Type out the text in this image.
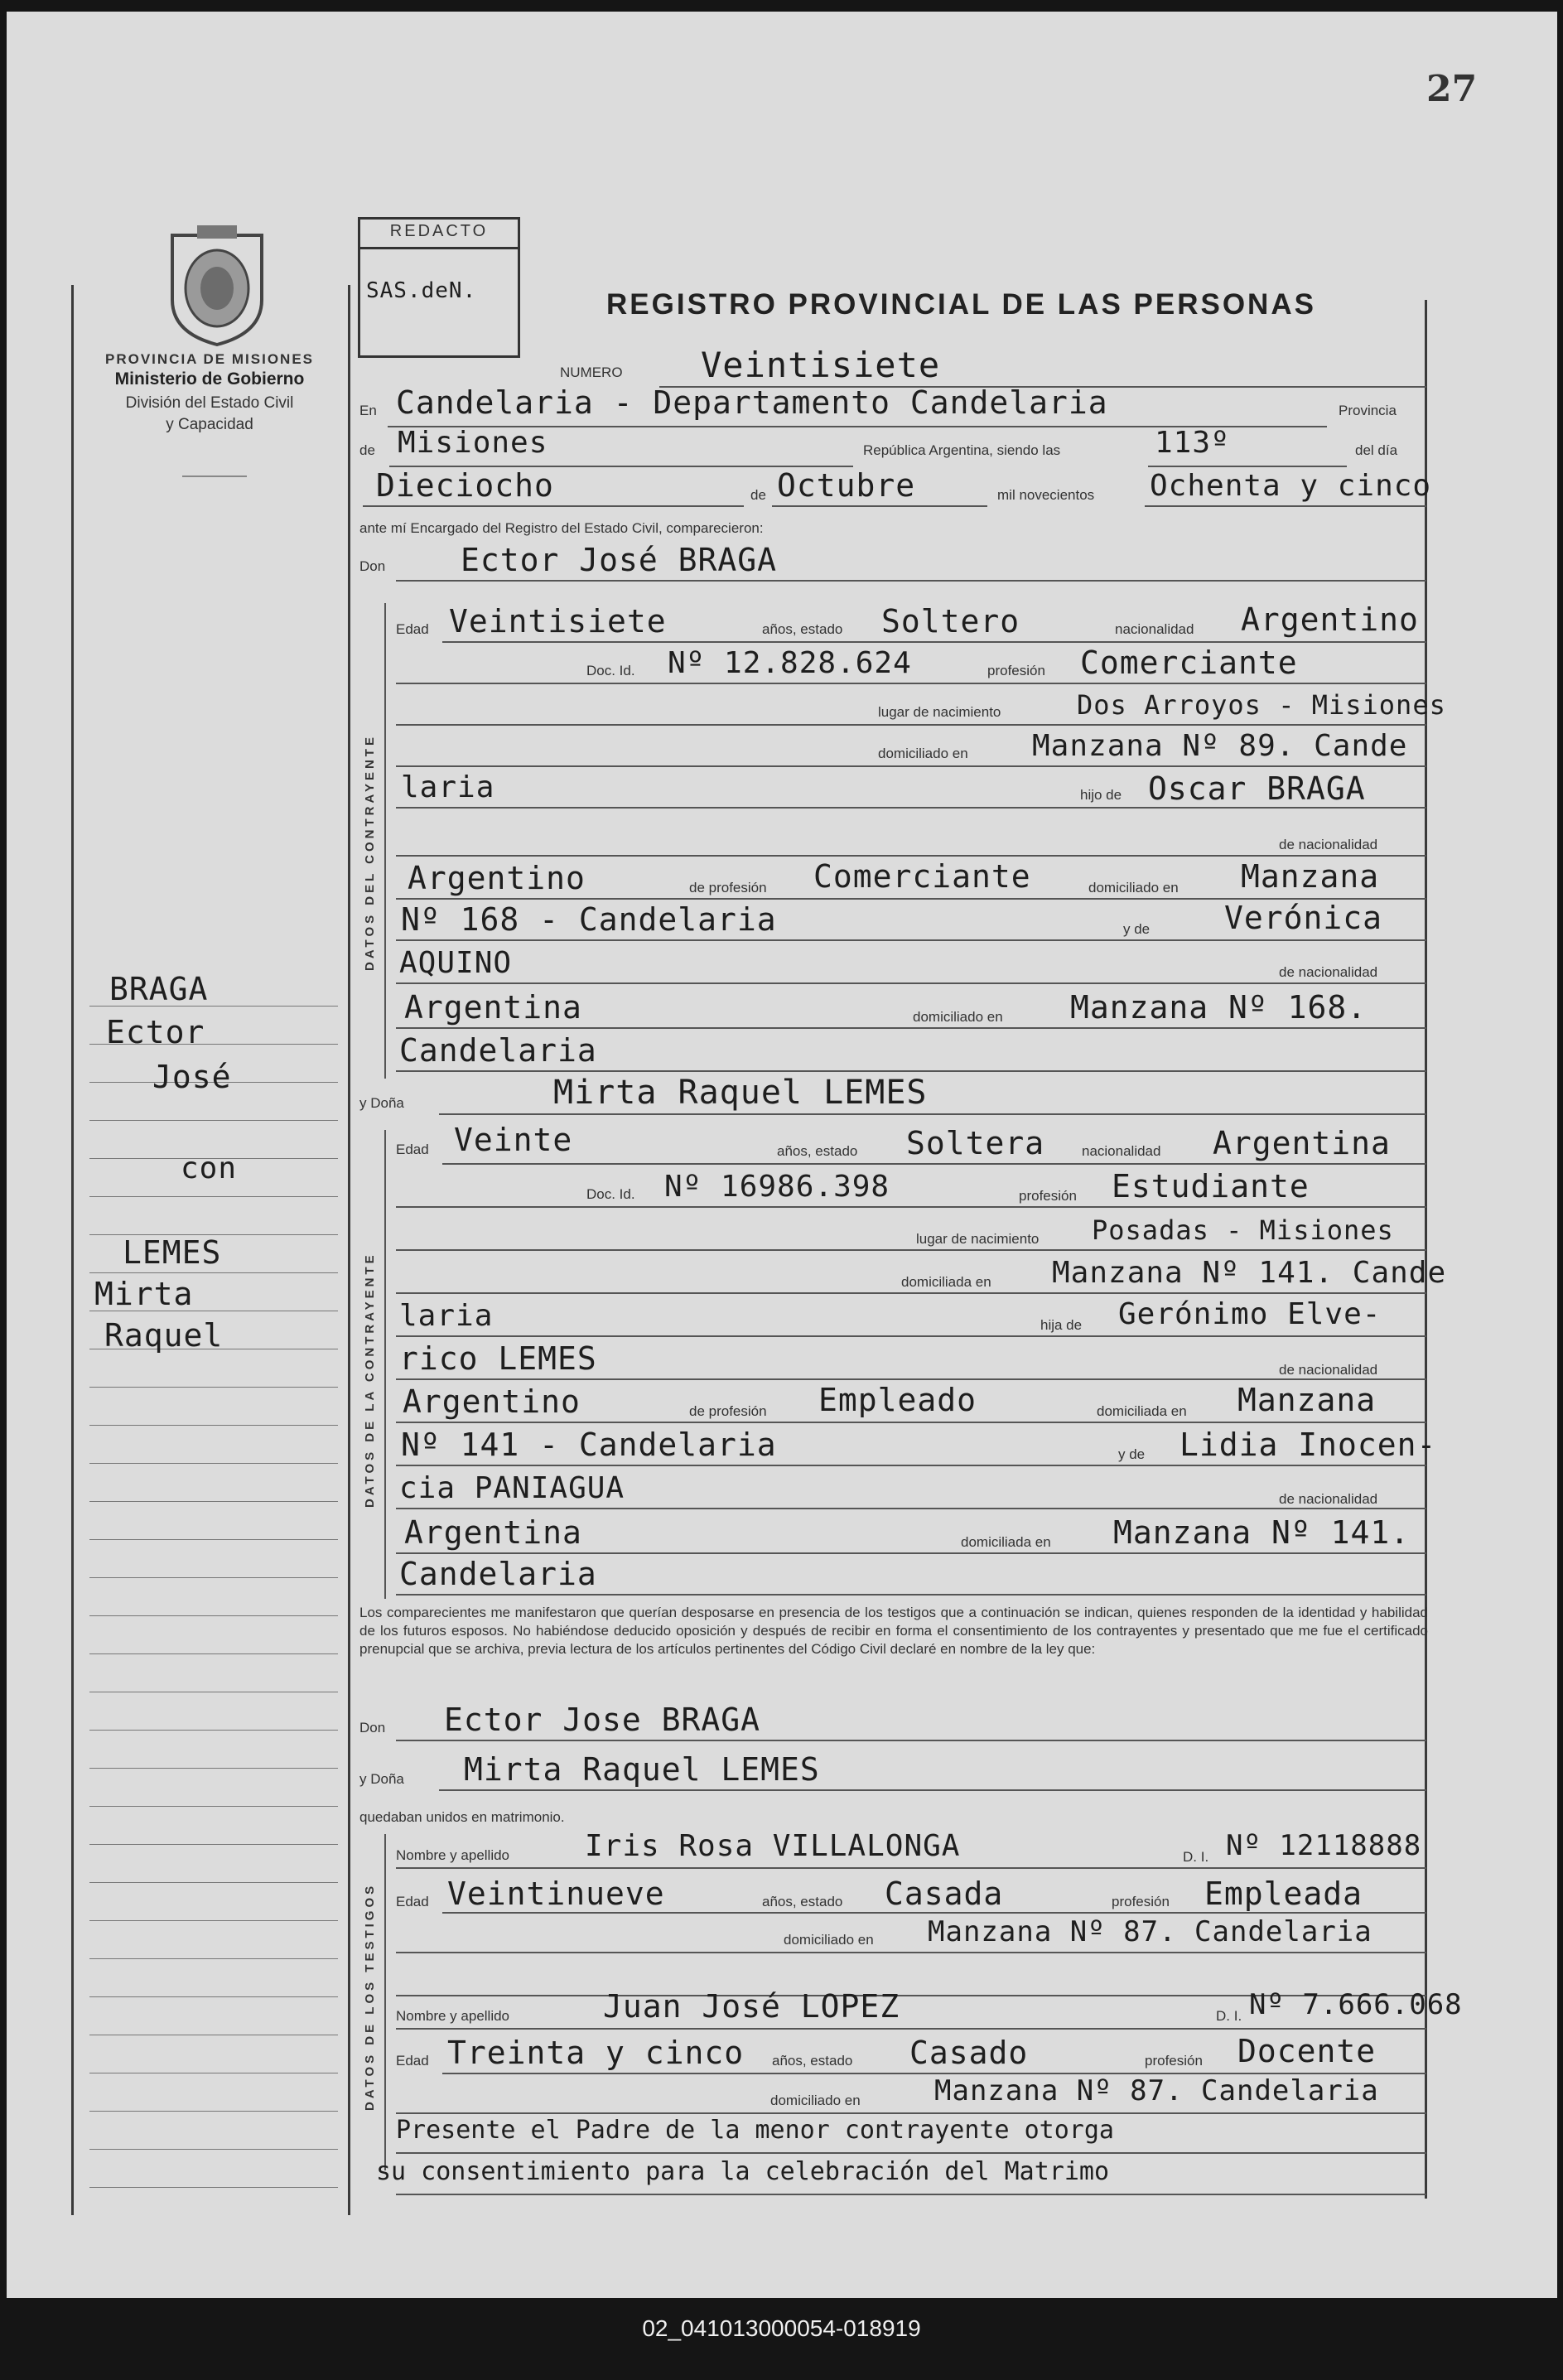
27
PROVINCIA DE MISIONES
Ministerio de Gobierno
División del Estado Civil
y Capacidad
REDACTO
SAS.deN.	REGISTRO PROVINCIAL DE LAS PERSONAS
NUMERO Veintisiete
En Candelaria - Departamento Candelaria	Provincia
de Misiones	República Argentina, siendo las	113º	del día
Dieciocho	de Octubre	mil novecientos Ochenta y cinco
ante mí Encargado del Registro del Estado Civil, comparecieron:
Don Ector José BRAGA
DATOS DEL CONTRAYENTE
Edad Veintisiete	años, estado Soltero	nacionalidad Argentino
Doc. Id. Nº 12.828.624	profesión Comerciante
lugar de nacimiento	Dos Arroyos - Misiones
domiciliado en Manzana Nº 89. Cande
laria	hijo de Oscar BRAGA
de nacionalidad
Argentino	de profesión Comerciante	domiciliado en Manzana
Nº 168 - Candelaria	y de Verónica
AQUINO	de nacionalidad
Argentina	domiciliado en Manzana Nº 168.
Candelaria
y Doña	Mirta Raquel LEMES
DATOS DE LA CONTRAYENTE
Edad Veinte	años, estado Soltera	nacionalidad Argentina
Doc. Id. Nº 16986.398	profesión Estudiante
lugar de nacimiento Posadas - Misiones
domiciliada en Manzana Nº 141. Cande
laria	hija de Gerónimo Elve-
rico LEMES	de nacionalidad
Argentino	de profesión Empleado	domiciliada en Manzana
Nº 141 - Candelaria	y de Lidia Inocen-
cia PANIAGUA	de nacionalidad
Argentina	domiciliada en Manzana Nº 141.
Candelaria
Los comparecientes me manifestaron que querían desposarse en presencia de los testigos que a continuación se indican, quienes responden de la identidad y habilidad de los futuros esposos. No habiéndose deducido oposición y después de recibir en forma el consentimiento de los contrayentes y presentado que me fue el certificado prenupcial que se archiva, previa lectura de los artículos pertinentes del Código Civil declaré en nombre de la ley que:
Don Ector Jose BRAGA
y Doña Mirta Raquel LEMES
quedaban unidos en matrimonio.
DATOS DE LOS TESTIGOS
Nombre y apellido	Iris Rosa VILLALONGA	D. I. Nº 12118888
Edad Veintinueve	años, estado Casada	profesión Empleada
domiciliado en Manzana Nº 87. Candelaria
Nombre y apellido	Juan José LOPEZ	D. I. Nº 7.666.068
Edad Treinta y cinco años, estado Casado	profesión Docente
domiciliado en	Manzana Nº 87. Candelaria
Presente el Padre de la menor contrayente otorga
su consentimiento para la celebración del Matrimo
BRAGA
Ector
José
con
LEMES
Mirta
Raquel
02_041013000054-018919
